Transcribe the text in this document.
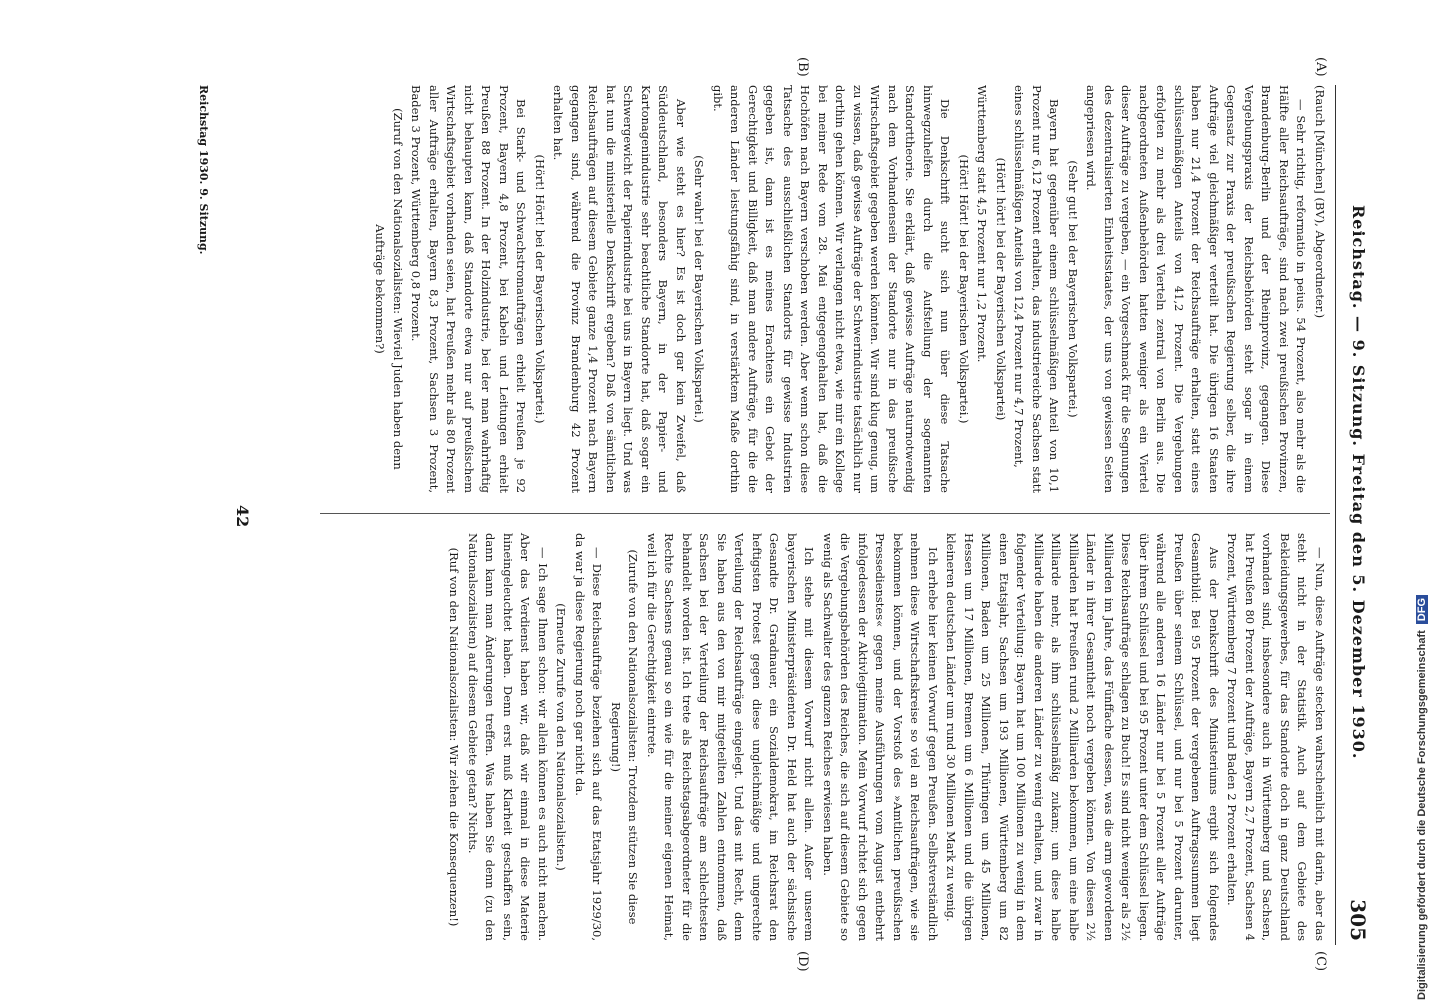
Reichstag. — 9. Sitzung. Freitag den 5. Dezember 1930.
305
(A)
(B)
(C)
(D)

(Rauch [München] (BV), Abgeordneter.)

— Sehr richtig, reformatio in peius. 54 Prozent, also mehr als die Hälfte aller Reichsaufträge, sind nach zwei preußischen Provinzen, Brandenburg-Berlin und der Rheinprovinz, gegangen. Diese Vergebungspraxis der Reichsbehörden steht sogar in einem Gegensatz zur Praxis der preußischen Regierung selber, die ihre Aufträge viel gleichmäßiger verteilt hat. Die übrigen 16 Staaten haben nur 21,4 Prozent der Reichsaufträge erhalten, statt eines schlüsselmäßigen Anteils von 41,2 Prozent. Die Vergebungen erfolgten zu mehr als drei Vierteln zentral von Berlin aus. Die nachgeordneten Außenbehörden hatten weniger als ein Viertel dieser Aufträge zu vergeben, — ein Vorgeschmack für die Segnungen des dezentralisierten Einheitsstaates, der uns von gewissen Seiten angepriesen wird.

(Sehr gut! bei der Bayerischen Volkspartei.)

Bayern hat gegenüber einem schlüsselmäßigen Anteil von 10,1 Prozent nur 6,12 Prozent erhalten, das industriereiche Sachsen statt eines schlüsselmäßigen Anteils von 12,4 Prozent nur 4,7 Prozent,

(Hört! hört! bei der Bayerischen Volkspartei)

Württemberg statt 4,5 Prozent nur 1,2 Prozent.

(Hört! Hört! bei der Bayerischen Volkspartei.)

Die Denkschrift sucht sich nun über diese Tatsache hinwegzuhelfen durch die Aufstellung der sogenannten Standorttheorie. Sie erklärt, daß gewisse Aufträge naturnotwendig nach dem Vorhandensein der Standorte nur in das preußische Wirtschaftsgebiet gegeben werden könnten. Wir sind klug genug, um zu wissen, daß gewisse Aufträge der Schwerindustrie tatsächlich nur dorthin gehen können. Wir verlangen nicht etwa, wie mir ein Kollege bei meiner Rede vom 28. Mai entgegengehalten hat, daß die Hochöfen nach Bayern verschoben werden. Aber wenn schon diese Tatsache des ausschließlichen Standorts für gewisse Industrien gegeben ist, dann ist es meines Erachtens ein Gebot der Gerechtigkeit und Billigkeit, daß man andere Aufträge, für die die anderen Länder leistungsfähig sind, in verstärktem Maße dorthin gibt.

(Sehr wahr! bei der Bayerischen Volkspartei.)

Aber wie steht es hier? Es ist doch gar kein Zweifel, daß Süddeutschland, besonders Bayern, in der Papier- und Kartonagenindustrie sehr beachtliche Standorte hat, daß sogar ein Schwergewicht der Papierindustrie bei uns in Bayern liegt. Und was hat nun die ministerielle Denkschrift ergeben? Daß von sämtlichen Reichsaufträgen auf diesem Gebiete ganze 1,4 Prozent nach Bayern gegangen sind, während die Provinz Brandenburg 42 Prozent erhalten hat.

(Hört! Hört! bei der Bayerischen Volkspartei.)

Bei Stark- und Schwachstromaufträgen erhielt Preußen je 92 Prozent, Bayern 4,8 Prozent, bei Kabeln und Leitungen erhielt Preußen 88 Prozent. In der Holzindustrie, bei der man wahrhaftig nicht behaupten kann, daß Standorte etwa nur auf preußischem Wirtschaftsgebiet vorhanden seien, hat Preußen mehr als 80 Prozent aller Aufträge erhalten, Bayern 8,3 Prozent, Sachsen 3 Prozent, Baden 3 Prozent, Württemberg 0,8 Prozent.

(Zuruf von den Nationalsozialisten: Wieviel Juden haben denn Aufträge bekommen?)

— Nun, diese Aufträge stecken wahrscheinlich mit darin, aber das steht nicht in der Statistik. Auch auf dem Gebiete des Bekleidungsgewerbes, für das Standorte doch in ganz Deutschland vorhanden sind, insbesondere auch in Württemberg und Sachsen, hat Preußen 80 Prozent der Aufträge, Bayern 2,7 Prozent, Sachsen 4 Prozent, Württemberg 7 Prozent und Baden 2 Prozent erhalten.

Aus der Denkschrift des Ministeriums ergibt sich folgendes Gesamtbild: Bei 95 Prozent der vergebenen Auftragssummen liegt Preußen über seinem Schlüssel, und nur bei 5 Prozent darunter, während alle anderen 16 Länder nur bei 5 Prozent aller Aufträge über ihrem Schlüssel und bei 95 Prozent unter dem Schlüssel liegen. Diese Reichsaufträge schlagen zu Buch! Es sind nicht weniger als 2½ Milliarden im Jahre, das Fünffache dessen, was die arm gewordenen Länder in ihrer Gesamtheit noch vergeben können. Von diesen 2½ Milliarden hat Preußen rund 2 Milliarden bekommen, um eine halbe Milliarde mehr, als ihm schlüsselmäßig zukam; um diese halbe Milliarde haben die anderen Länder zu wenig erhalten, und zwar in folgender Verteilung: Bayern hat um 100 Millionen zu wenig in dem einen Etatsjahr, Sachsen um 193 Millionen, Württemberg um 82 Millionen, Baden um 25 Millionen, Thüringen um 45 Millionen, Hessen um 17 Millionen, Bremen um 6 Millionen und die übrigen kleineren deutschen Länder um rund 30 Millionen Mark zu wenig.

Ich erhebe hier keinen Vorwurf gegen Preußen. Selbstverständlich nehmen diese Wirtschaftskreise so viel an Reichsaufträgen, wie sie bekommen können, und der Vorstoß des »Amtlichen preußischen Pressedienstes« gegen meine Ausführungen vom August entbehrt infolgedessen der Aktivlegitimation. Mein Vorwurf richtet sich gegen die Vergebungsbehörden des Reiches, die sich auf diesem Gebiete so wenig als Sachwalter des ganzen Reiches erwiesen haben.

Ich stehe mit diesem Vorwurf nicht allein. Außer unserem bayerischen Ministerpräsidenten Dr. Held hat auch der sächsische Gesandte Dr. Gradnauer, ein Sozialdemokrat, im Reichsrat den heftigsten Protest gegen diese ungleichmäßige und ungerechte Verteilung der Reichsaufträge eingelegt. Und das mit Recht, denn Sie haben aus den von mir mitgeteilten Zahlen entnommen, daß Sachsen bei der Verteilung der Reichsaufträge am schlechtesten behandelt worden ist. Ich trete als Reichstagsabgeordneter für die Rechte Sachsens genau so ein wie für die meiner eigenen Heimat, weil ich für die Gerechtigkeit eintrete.

(Zurufe von den Nationalsozialisten: Trotzdem stützen Sie diese Regierung!)

— Diese Reichsaufträge beziehen sich auf das Etatsjahr 1929/30, da war ja diese Regierung noch gar nicht da.

(Erneute Zurufe von den Nationalsozialisten.)

— Ich sage Ihnen schon: wir allein können es auch nicht machen. Aber das Verdienst haben wir, daß wir einmal in diese Materie hineingeleuchtet haben. Denn erst muß Klarheit geschaffen sein, dann kann man Änderungen treffen. Was haben Sie denn (zu den Nationalsozialisten) auf diesem Gebiete getan? Nichts.

(Ruf von den Nationalsozialisten: Wir ziehen die Konsequenzen!)

42
Reichstag 1930. 9. Sitzung.
Digitalisierung gefördert durch die Deutsche ForschungsgemeinschaftDFG
